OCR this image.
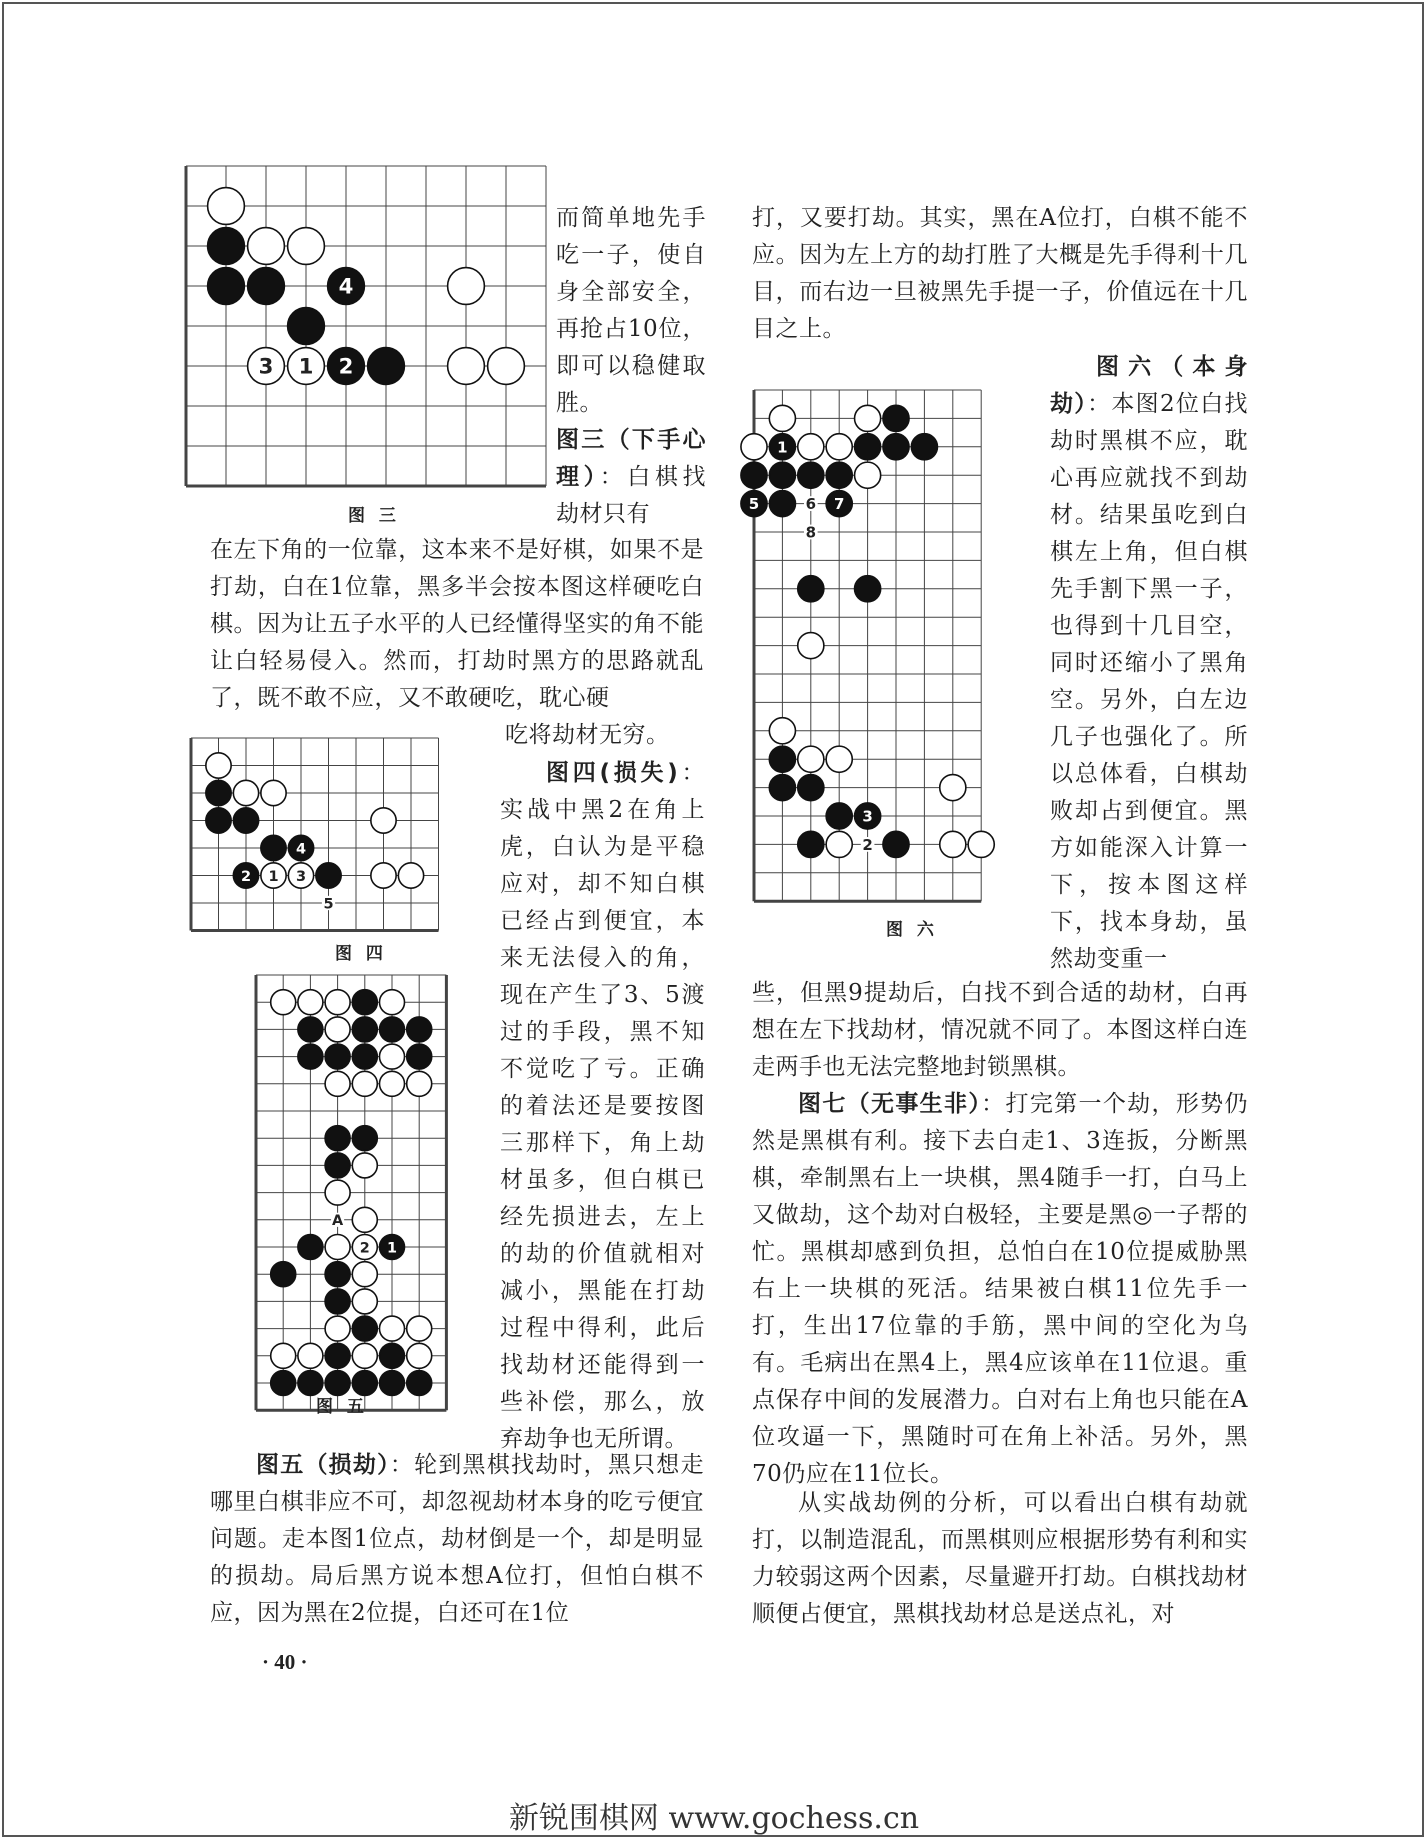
4
3 1 2
图 三

而简单地先手吃一子，使自身全部安全，再抢占10位，即可以稳健取胜。

图三（下手心理）：白棋找劫材只有

在左下角的一位靠，这本来不是好棋，如果不是打劫，白在1位靠，黑多半会按本图这样硬吃白棋。因为让五子水平的人已经懂得坚实的角不能让白轻易侵入。然而，打劫时黑方的思路就乱了，既不敢不应，又不敢硬吃，耽心硬

吃将劫材无穷。

4
2 1 3
5
图 四

图四(损失)：实战中黑2在角上虎，白认为是平稳应对，却不知白棋已经占到便宜，本来无法侵入的角，现在产生了3、5渡过的手段，黑不知不觉吃了亏。正确的着法还是要按图三那样下，角上劫材虽多，但白棋已经先损进去，左上的劫的价值就相对减小，黑能在打劫过程中得利，此后找劫材还能得到一些补偿，那么，放弃劫争也无所谓。

A
2 1
图 五

图五（损劫）：轮到黑棋找劫时，黑只想走哪里白棋非应不可，却忽视劫材本身的吃亏便宜问题。走本图1位点，劫材倒是一个，却是明显的损劫。局后黑方说本想A位打，但怕白棋不应，因为黑在2位提，白还可在1位

打，又要打劫。其实，黑在A位打，白棋不能不应。因为左上方的劫打胜了大概是先手得利十几目，而右边一旦被黑先手提一子，价值远在十几目之上。

1
5	6 7
8
3
2
图 六

图六（本身劫）：本图2位白找劫时黑棋不应，耽心再应就找不到劫材。结果虽吃到白棋左上角，但白棋先手割下黑一子，也得到十几目空，同时还缩小了黑角空。另外，白左边几子也强化了。所以总体看，白棋劫败却占到便宜。黑方如能深入计算一下，按本图这样下，找本身劫，虽然劫变重一

些，但黑9提劫后，白找不到合适的劫材，白再想在左下找劫材，情况就不同了。本图这样白连走两手也无法完整地封锁黑棋。

图七（无事生非）：打完第一个劫，形势仍然是黑棋有利。接下去白走1、3连扳，分断黑棋，牵制黑右上一块棋，黑4随手一打，白马上又做劫，这个劫对白极轻，主要是黑◎一子帮的忙。黑棋却感到负担，总怕白在10位提威胁黑右上一块棋的死活。结果被白棋11位先手一打，生出17位靠的手筋，黑中间的空化为乌有。毛病出在黑4上，黑4应该单在11位退。重点保存中间的发展潜力。白对右上角也只能在A位攻逼一下，黑随时可在角上补活。另外，黑70仍应在11位长。

从实战劫例的分析，可以看出白棋有劫就打，以制造混乱，而黑棋则应根据形势有利和实力较弱这两个因素，尽量避开打劫。白棋找劫材顺便占便宜，黑棋找劫材总是送点礼，对

· 40 ·
新锐围棋网 www.gochess.cn
